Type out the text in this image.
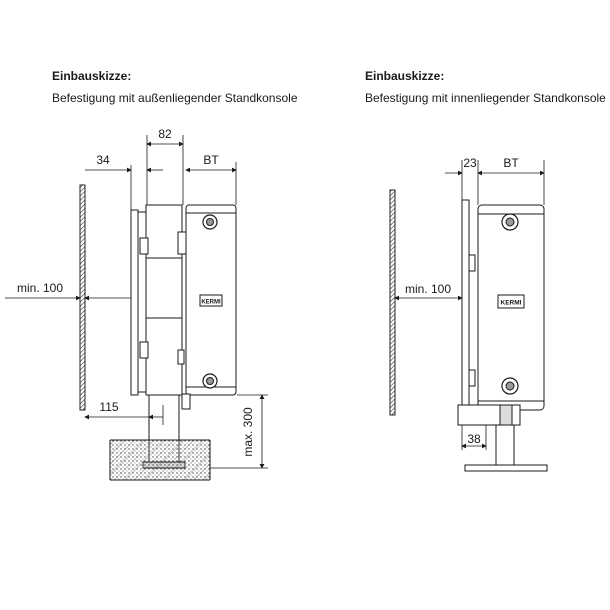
Einbauskizze:
Befestigung mit außenliegender Standkonsole
Einbauskizze:
Befestigung mit innenliegender Standkonsole
KERMI
82
34	BT
min. 100
115
max. 300
KERMI
23 BT
min. 100
38
